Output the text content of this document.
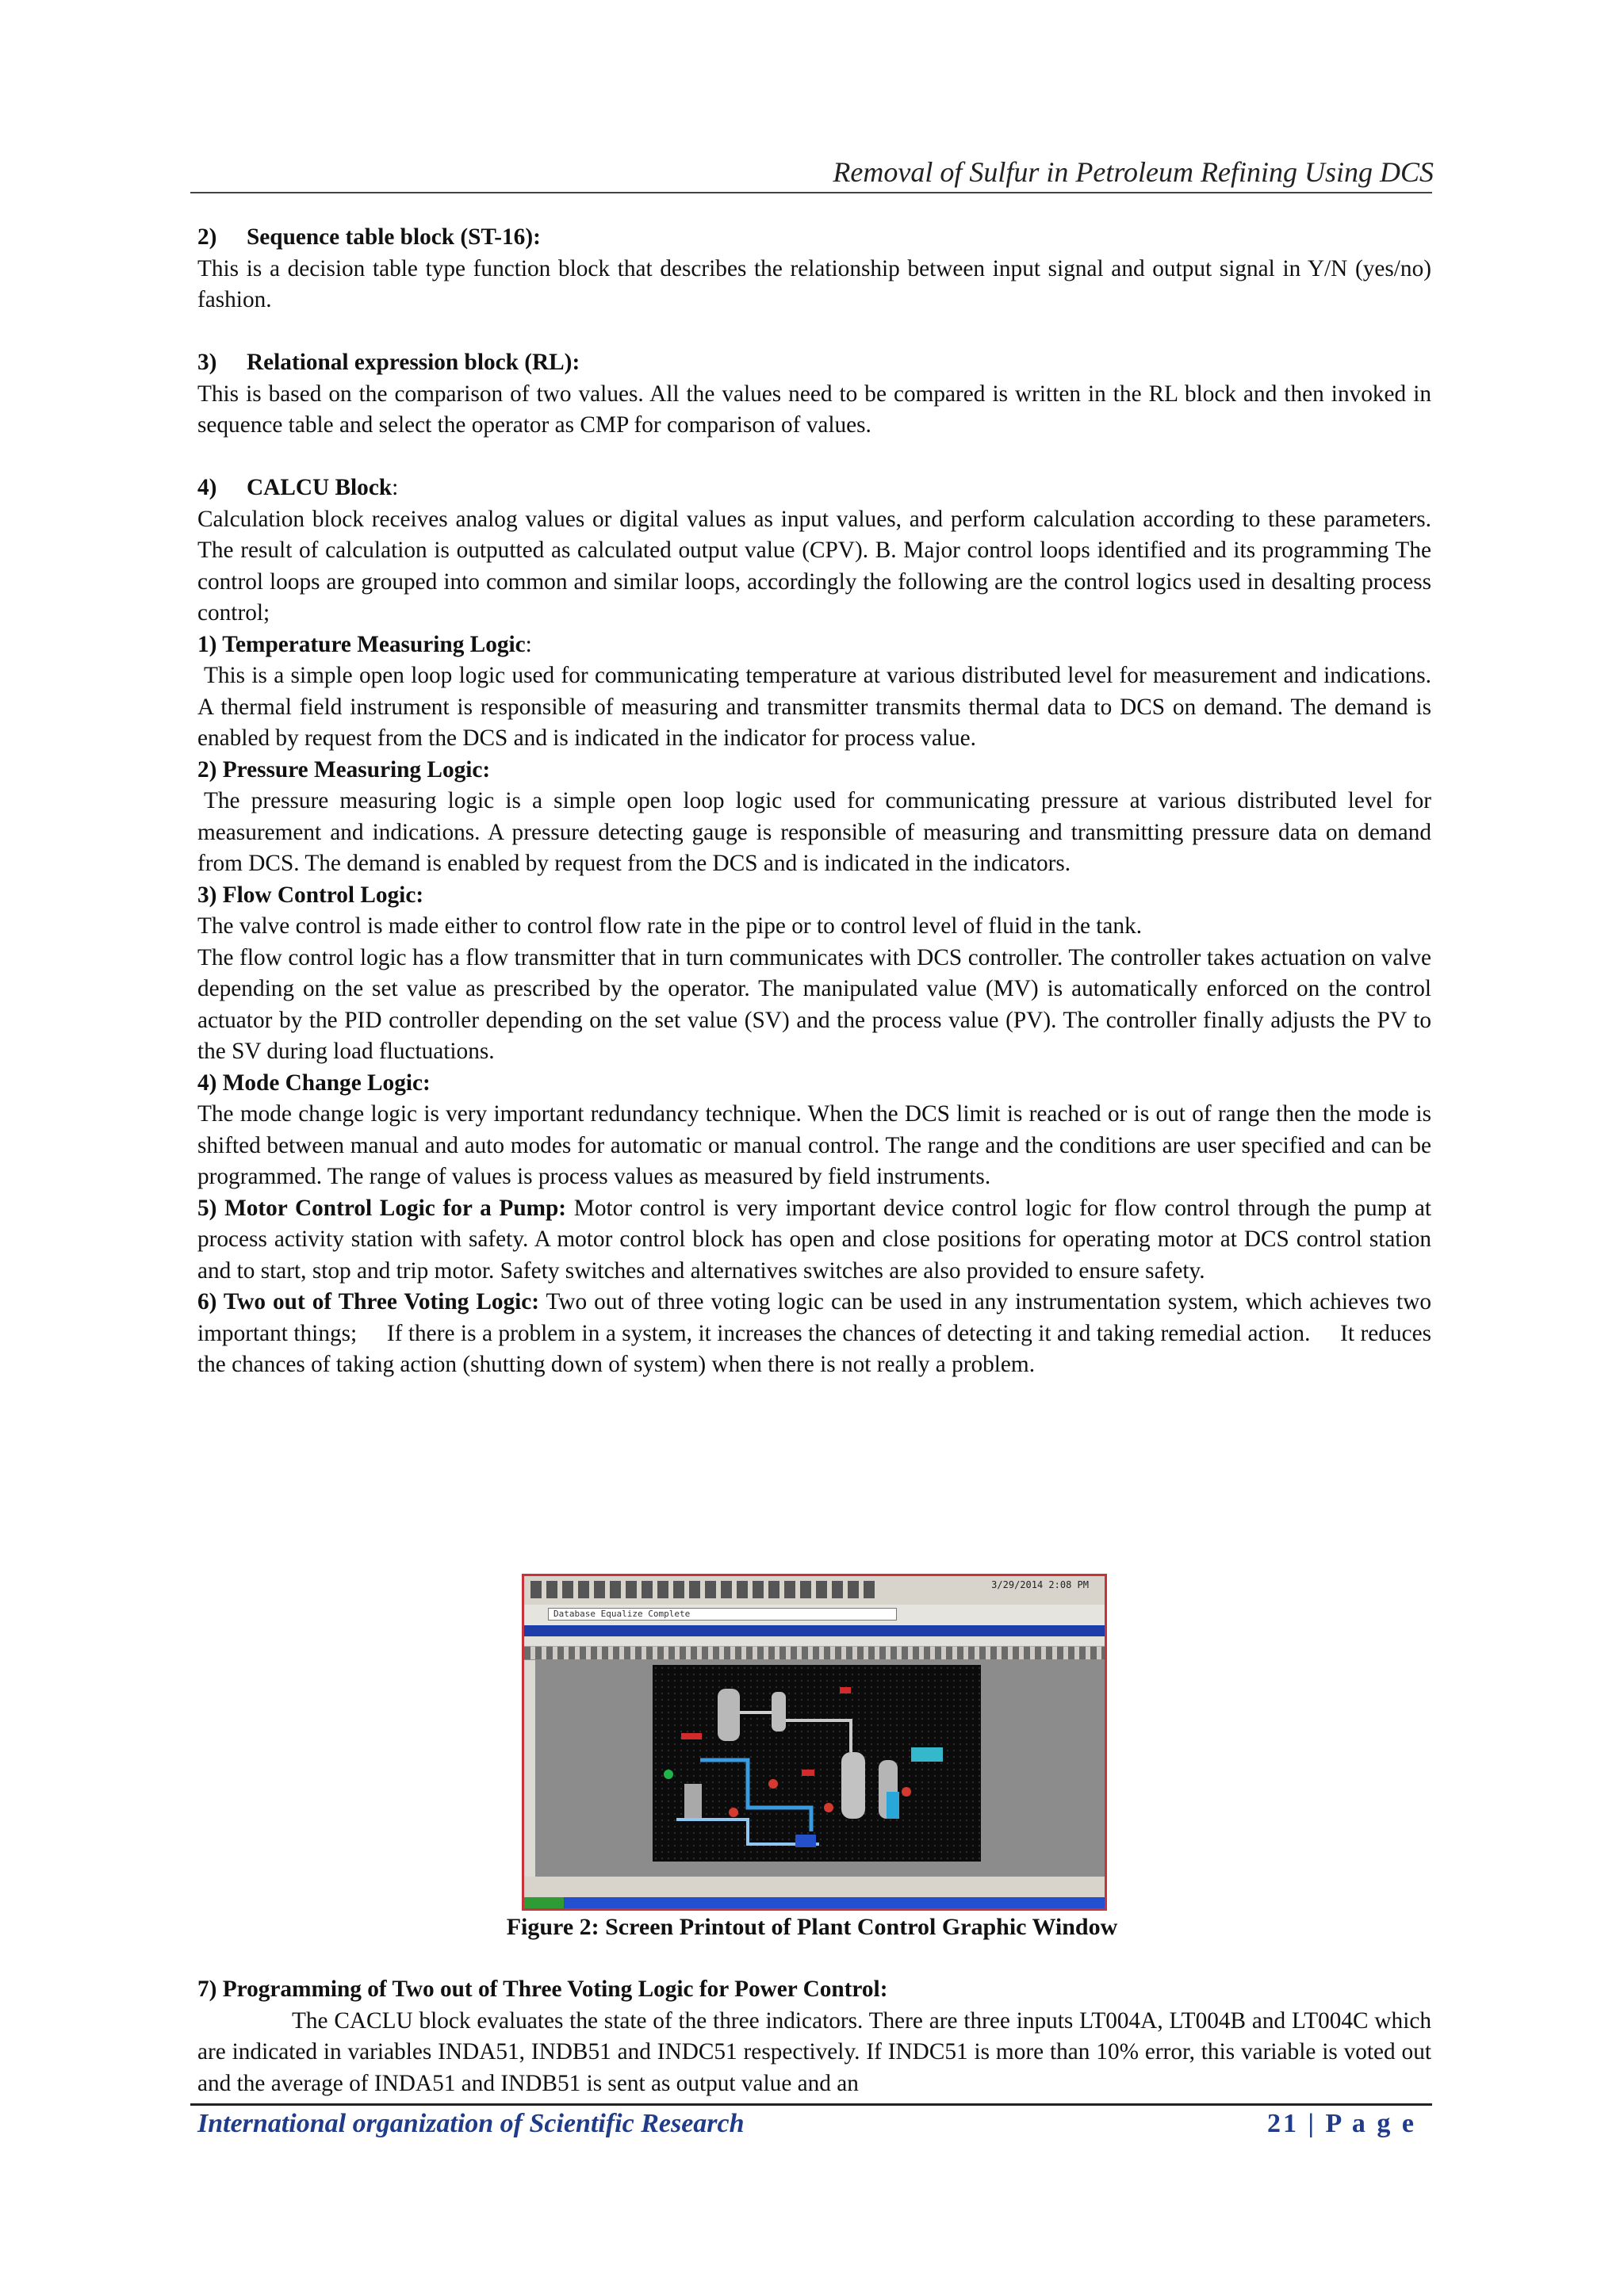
Removal of Sulfur in Petroleum Refining Using DCS

2) Sequence table block (ST-16):

This is a decision table type function block that describes the relationship between input signal and output signal in Y/N (yes/no) fashion.

3) Relational expression block (RL):

This is based on the comparison of two values. All the values need to be compared is written in the RL block and then invoked in sequence table and select the operator as CMP for comparison of values.

4) CALCU Block:

Calculation block receives analog values or digital values as input values, and perform calculation according to these parameters. The result of calculation is outputted as calculated output value (CPV). B. Major control loops identified and its programming The control loops are grouped into common and similar loops, accordingly the following are the control logics used in desalting process control;

1) Temperature Measuring Logic:

This is a simple open loop logic used for communicating temperature at various distributed level for measurement and indications. A thermal field instrument is responsible of measuring and transmitter transmits thermal data to DCS on demand. The demand is enabled by request from the DCS and is indicated in the indicator for process value.

2) Pressure Measuring Logic:

The pressure measuring logic is a simple open loop logic used for communicating pressure at various distributed level for measurement and indications. A pressure detecting gauge is responsible of measuring and transmitting pressure data on demand from DCS. The demand is enabled by request from the DCS and is indicated in the indicators.

3) Flow Control Logic:

The valve control is made either to control flow rate in the pipe or to control level of fluid in the tank.

The flow control logic has a flow transmitter that in turn communicates with DCS controller. The controller takes actuation on valve depending on the set value as prescribed by the operator. The manipulated value (MV) is automatically enforced on the control actuator by the PID controller depending on the set value (SV) and the process value (PV). The controller finally adjusts the PV to the SV during load fluctuations.

4) Mode Change Logic:

The mode change logic is very important redundancy technique. When the DCS limit is reached or is out of range then the mode is shifted between manual and auto modes for automatic or manual control. The range and the conditions are user specified and can be programmed. The range of values is process values as measured by field instruments.

5) Motor Control Logic for a Pump: Motor control is very important device control logic for flow control through the pump at process activity station with safety. A motor control block has open and close positions for operating motor at DCS control station and to start, stop and trip motor. Safety switches and alternatives switches are also provided to ensure safety.

6) Two out of Three Voting Logic: Two out of three voting logic can be used in any instrumentation system, which achieves two important things; If there is a problem in a system, it increases the chances of detecting it and taking remedial action. It reduces the chances of taking action (shutting down of system) when there is not really a problem.

3/29/2014 2:08 PM
Database Equalize Complete
Figure 2: Screen Printout of Plant Control Graphic Window

7) Programming of Two out of Three Voting Logic for Power Control:

The CACLU block evaluates the state of the three indicators. There are three inputs LT004A, LT004B and LT004C which are indicated in variables INDA51, INDB51 and INDC51 respectively. If INDC51 is more than 10% error, this variable is voted out and the average of INDA51 and INDB51 is sent as output value and an

International organization of Scientific Research	21 | P a g e
